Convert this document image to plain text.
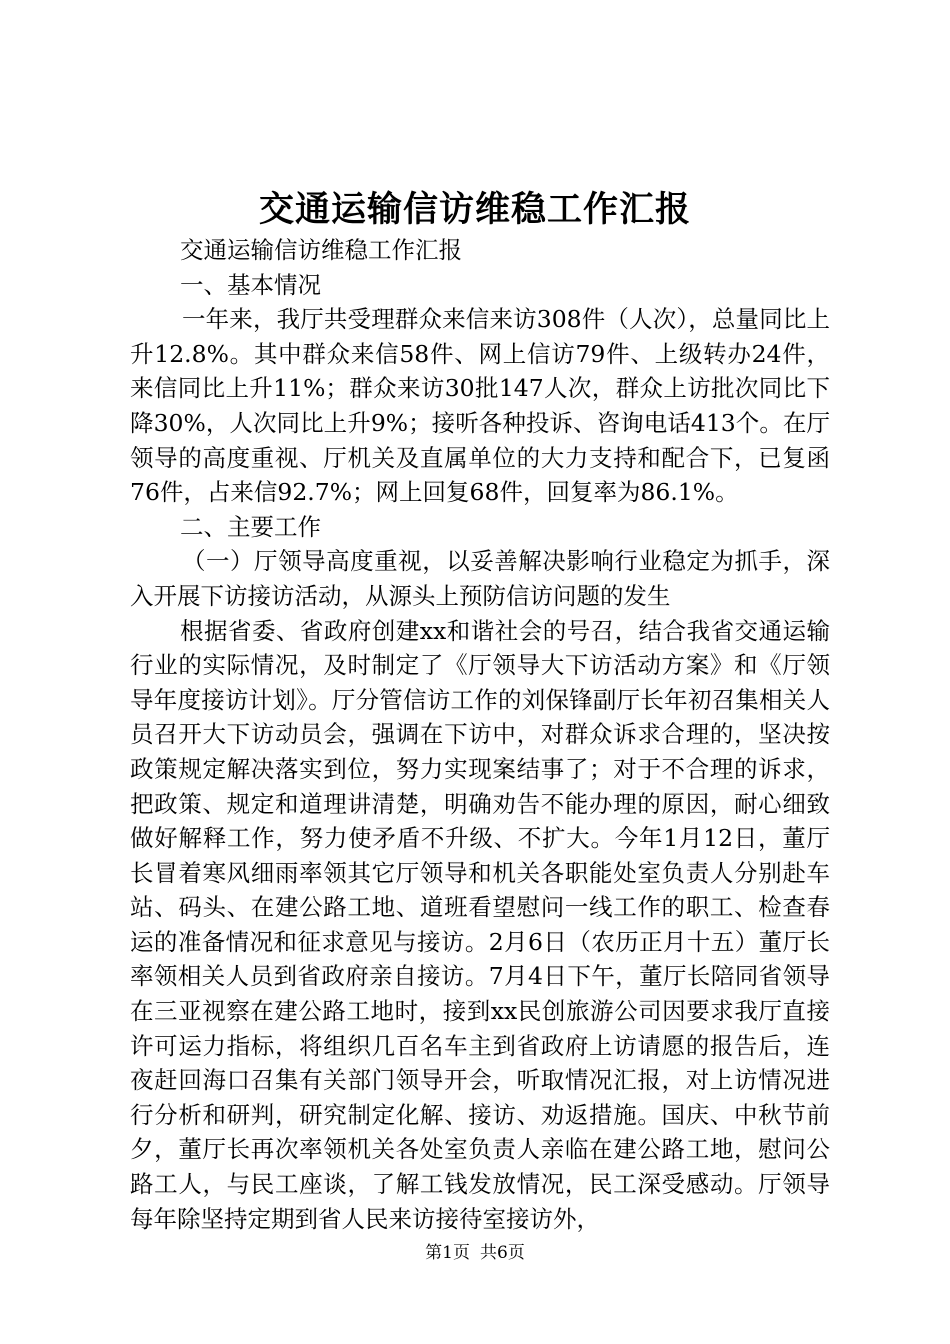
交通运输信访维稳工作汇报

交通运输信访维稳工作汇报

一、基本情况

一年来，我厅共受理群众来信来访308件（人次），总量同比上升12.8%。其中群众来信58件、网上信访79件、上级转办24件，来信同比上升11%；群众来访30批147人次，群众上访批次同比下降30%，人次同比上升9%；接听各种投诉、咨询电话413个。在厅领导的高度重视、厅机关及直属单位的大力支持和配合下，已复函76件，占来信92.7%；网上回复68件，回复率为86.1%。

二、主要工作

（一）厅领导高度重视，以妥善解决影响行业稳定为抓手，深入开展下访接访活动，从源头上预防信访问题的发生

根据省委、省政府创建xx和谐社会的号召，结合我省交通运输行业的实际情况，及时制定了《厅领导大下访活动方案》和《厅领导年度接访计划》。厅分管信访工作的刘保锋副厅长年初召集相关人员召开大下访动员会，强调在下访中，对群众诉求合理的，坚决按政策规定解决落实到位，努力实现案结事了；对于不合理的诉求，把政策、规定和道理讲清楚，明确劝告不能办理的原因，耐心细致做好解释工作，努力使矛盾不升级、不扩大。今年1月12日，董厅长冒着寒风细雨率领其它厅领导和机关各职能处室负责人分别赴车站、码头、在建公路工地、道班看望慰问一线工作的职工、检查春运的准备情况和征求意见与接访。2月6日（农历正月十五）董厅长率领相关人员到省政府亲自接访。7月4日下午，董厅长陪同省领导在三亚视察在建公路工地时，接到xx民创旅游公司因要求我厅直接许可运力指标，将组织几百名车主到省政府上访请愿的报告后，连夜赶回海口召集有关部门领导开会，听取情况汇报，对上访情况进行分析和研判，研究制定化解、接访、劝返措施。国庆、中秋节前夕，董厅长再次率领机关各处室负责人亲临在建公路工地，慰问公路工人，与民工座谈，了解工钱发放情况，民工深受感动。厅领导每年除坚持定期到省人民来访接待室接访外，

第1页 共6页
